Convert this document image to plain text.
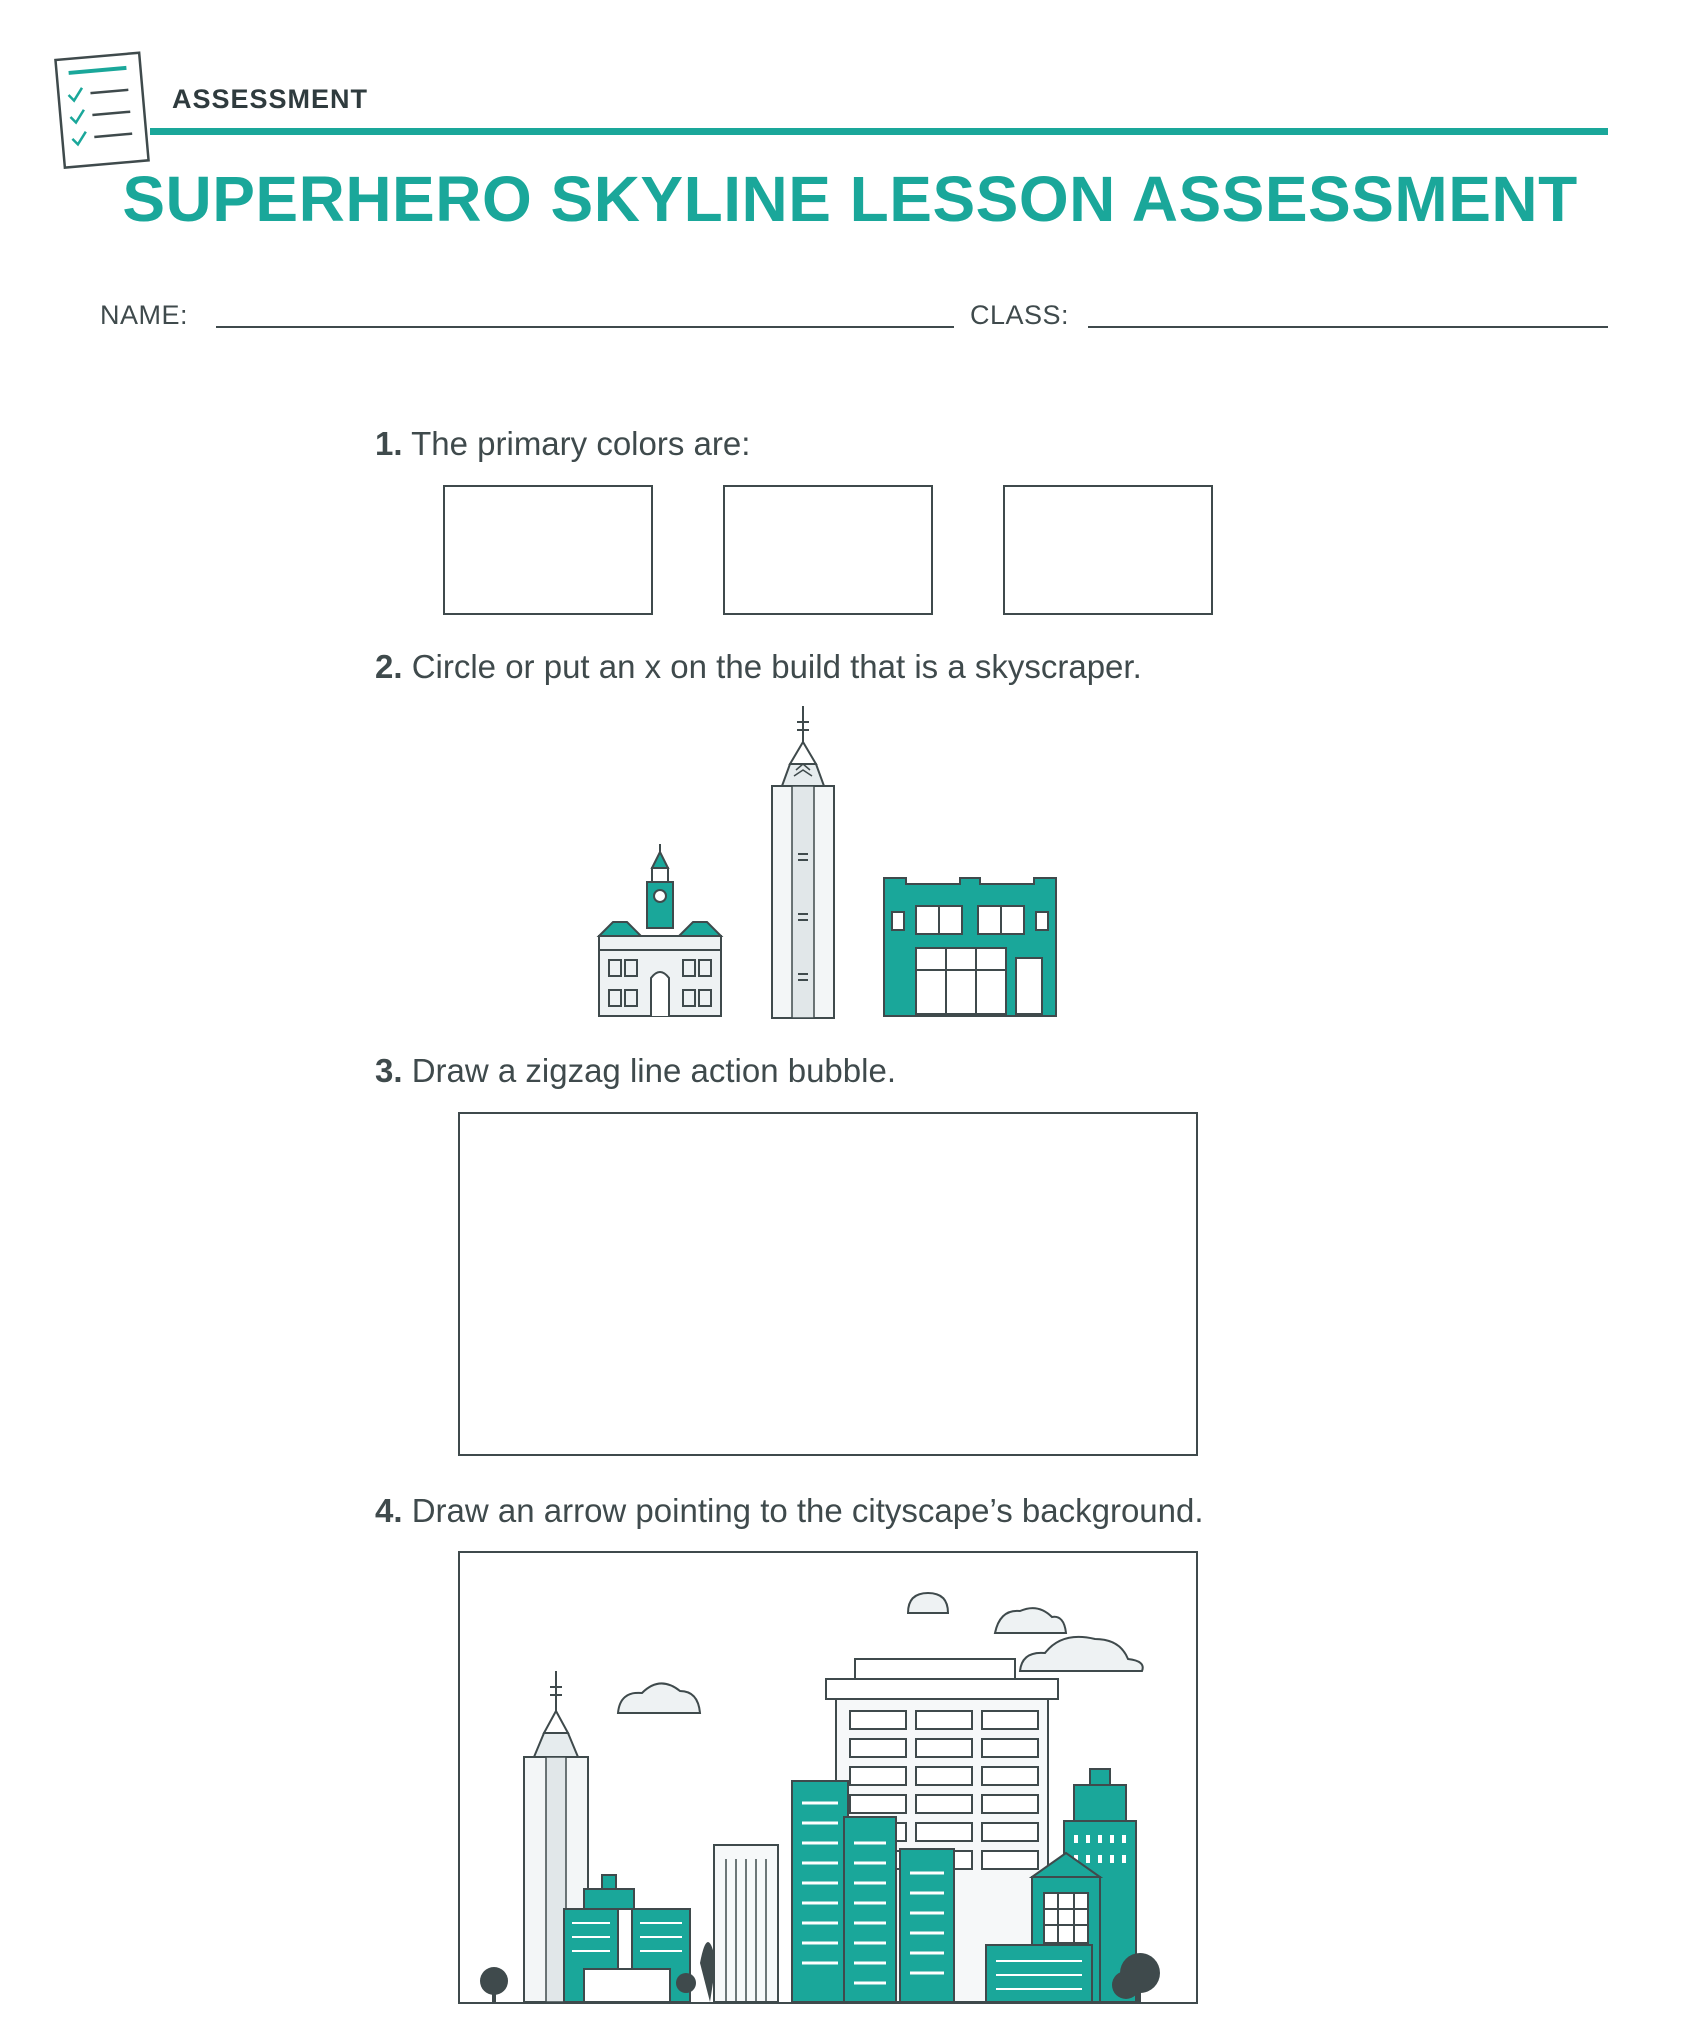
ASSESSMENT
SUPERHERO SKYLINE LESSON ASSESSMENT
NAME:	CLASS:
1. The primary colors are:
2. Circle or put an x on the build that is a skyscraper.
3. Draw a zigzag line action bubble.
4. Draw an arrow pointing to the cityscape’s background.
